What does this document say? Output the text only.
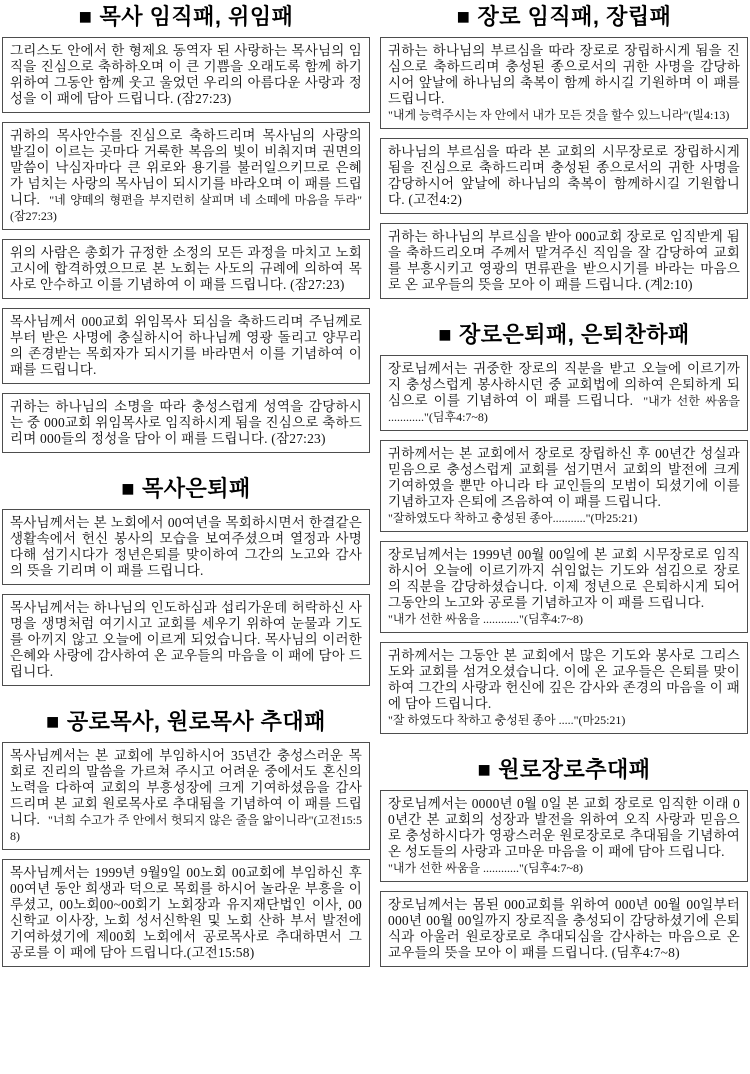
■ 목사 임직패, 위임패
그리스도 안에서 한 형제요 동역자 된 사랑하는 목사님의 임직을 진심으로 축하하오며 이 큰 기쁨을 오래도록 함께 하기 위하여 그동안 함께 웃고 울었던 우리의 아름다운 사랑과 정성을 이 패에 담아 드립니다. (잠27:23)
귀하의 목사안수를 진심으로 축하드리며 목사님의 사랑의 발길이 이르는 곳마다 거룩한 복음의 빛이 비춰지며 권면의 말씀이 낙심자마다 큰 위로와 용기를 불러일으키므로 은혜가 넘치는 사랑의 목사님이 되시기를 바라오며 이 패를 드립니다. "네 양떼의 형편을 부지런히 살피며 네 소떼에 마음을 두라"(잠27:23)
위의 사람은 총회가 규정한 소정의 모든 과정을 마치고 노회고시에 합격하였으므로 본 노회는 사도의 규례에 의하여 목사로 안수하고 이를 기념하여 이 패를 드립니다. (잠27:23)
목사님께서 000교회 위임목사 되심을 축하드리며 주님께로부터 받은 사명에 충실하시어 하나님께 영광 돌리고 양무리의 존경받는 목회자가 되시기를 바라면서 이를 기념하여 이 패를 드립니다.
귀하는 하나님의 소명을 따라 충성스럽게 성역을 감당하시는 중 000교회 위임목사로 임직하시게 됨을 진심으로 축하드리며 000들의 정성을 담아 이 패를 드립니다. (잠27:23)
■ 목사은퇴패
목사님께서는 본 노회에서 00여년을 목회하시면서 한결같은 생활속에서 헌신 봉사의 모습을 보여주셨으며 열정과 사명다해 섬기시다가 정년은퇴를 맞이하여 그간의 노고와 감사의 뜻을 기리며 이 패를 드립니다.
목사님께서는 하나님의 인도하심과 섭리가운데 허락하신 사명을 생명처럼 여기시고 교회를 세우기 위하여 눈물과 기도를 아끼지 않고 오늘에 이르게 되었습니다. 목사님의 이러한 은혜와 사랑에 감사하여 온 교우들의 마음을 이 패에 담아 드립니다.
■ 공로목사, 원로목사 추대패
목사님께서는 본 교회에 부임하시어 35년간 충성스러운 목회로 진리의 말씀을 가르쳐 주시고 어려운 중에서도 혼신의 노력을 다하여 교회의 부흥성장에 크게 기여하셨음을 감사드리며 본 교회 원로목사로 추대됨을 기념하여 이 패를 드립니다. "너희 수고가 주 안에서 헛되지 않은 줄을 앎이니라"(고전15:58)
목사님께서는 1999년 9월9일 00노회 00교회에 부임하신 후 00여년 동안 희생과 덕으로 목회를 하시어 놀라운 부흥을 이루셨고, 00노회00~00회기 노회장과 유지재단법인 이사, 00신학교 이사장, 노회 성서신학원 및 노회 산하 부서 발전에 기여하셨기에 제00회 노회에서 공로목사로 추대하면서 그 공로를 이 패에 담아 드립니다.(고전15:58)
■ 장로 임직패, 장립패
귀하는 하나님의 부르심을 따라 장로로 장립하시게 됨을 진심으로 축하드리며 충성된 종으로서의 귀한 사명을 감당하시어 앞날에 하나님의 축복이 함께 하시길 기원하며 이 패를 드립니다.
"내게 능력주시는 자 안에서 내가 모든 것을 할수 있느니라"(빌4:13)
하나님의 부르심을 따라 본 교회의 시무장로로 장립하시게 됨을 진심으로 축하드리며 충성된 종으로서의 귀한 사명을 감당하시어 앞날에 하나님의 축복이 함께하시길 기원합니다. (고전4:2)
귀하는 하나님의 부르심을 받아 000교회 장로로 임직받게 됨을 축하드리오며 주께서 맡겨주신 직임을 잘 감당하여 교회를 부흥시키고 영광의 면류관을 받으시기를 바라는 마음으로 온 교우들의 뜻을 모아 이 패를 드립니다. (계2:10)
■ 장로은퇴패, 은퇴찬하패
장로님께서는 귀중한 장로의 직분을 받고 오늘에 이르기까지 충성스럽게 봉사하시던 중 교회법에 의하여 은퇴하게 되심으로 이를 기념하여 이 패를 드립니다. "내가 선한 싸움을 ............"(딤후4:7~8)
귀하께서는 본 교회에서 장로로 장립하신 후 00년간 성실과 믿음으로 충성스럽게 교회를 섬기면서 교회의 발전에 크게 기여하였을 뿐만 아니라 타 교인들의 모범이 되셨기에 이를 기념하고자 은퇴에 즈음하여 이 패를 드립니다.
"잘하였도다 착하고 충성된 종아..........."(마25:21)
장로님께서는 1999년 00월 00일에 본 교회 시무장로로 임직하시어 오늘에 이르기까지 쉬임없는 기도와 섬김으로 장로의 직분을 감당하셨습니다. 이제 정년으로 은퇴하시게 되어 그동안의 노고와 공로를 기념하고자 이 패를 드립니다.
"내가 선한 싸움을 ............"(딤후4:7~8)
귀하께서는 그동안 본 교회에서 많은 기도와 봉사로 그리스도와 교회를 섬겨오셨습니다. 이에 온 교우들은 은퇴를 맞이하여 그간의 사랑과 헌신에 깊은 감사와 존경의 마음을 이 패에 담아 드립니다.
"잘 하였도다 착하고 충성된 종아 ....."(마25:21)
■ 원로장로추대패
장로님께서는 0000년 0월 0일 본 교회 장로로 임직한 이래 00년간 본 교회의 성장과 발전을 위하여 오직 사랑과 믿음으로 충성하시다가 영광스러운 원로장로로 추대됨을 기념하여 온 성도들의 사랑과 고마운 마음을 이 패에 담아 드립니다.
"내가 선한 싸움을 ............"(딤후4:7~8)
장로님께서는 몸된 000교회를 위하여 000년 00월 00일부터 000년 00월 00일까지 장로직을 충성되이 감당하셨기에 은퇴식과 아울러 원로장로로 추대되심을 감사하는 마음으로 온 교우들의 뜻을 모아 이 패를 드립니다. (딤후4:7~8)
